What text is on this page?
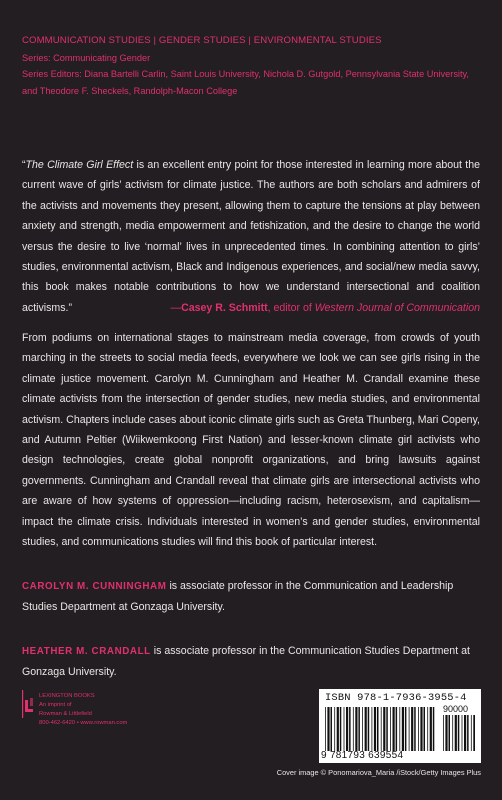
COMMUNICATION STUDIES | GENDER STUDIES | ENVIRONMENTAL STUDIES
Series: Communicating Gender
Series Editors: Diana Bartelli Carlin, Saint Louis University, Nichola D. Gutgold, Pennsylvania State University,
and Theodore F. Sheckels, Randolph-Macon College
“The Climate Girl Effect is an excellent entry point for those interested in learning more about the current wave of girls’ activism for climate justice. The authors are both scholars and admirers of the activists and movements they present, allowing them to capture the tensions at play between anxiety and strength, media empowerment and fetishization, and the desire to change the world versus the desire to live ‘normal’ lives in unprecedented times. In combining attention to girls’ studies, environmental activism, Black and Indigenous experiences, and social/new media savvy, this book makes notable contributions to how we understand intersectional and coalition activisms.”	—Casey R. Schmitt, editor of Western Journal of Communication
From podiums on international stages to mainstream media coverage, from crowds of youth marching in the streets to social media feeds, everywhere we look we can see girls rising in the climate justice movement. Carolyn M. Cunningham and Heather M. Crandall examine these climate activists from the intersection of gender studies, new media studies, and environmental activism. Chapters include cases about iconic climate girls such as Greta Thunberg, Mari Copeny, and Autumn Peltier (Wiikwemkoong First Nation) and lesser-known climate girl activists who design technologies, create global nonprofit organizations, and bring lawsuits against governments. Cunningham and Crandall reveal that climate girls are intersectional activists who are aware of how systems of oppression—including racism, heterosexism, and capitalism—impact the climate crisis. Individuals interested in women’s and gender studies, environmental studies, and communications studies will find this book of particular interest.
CAROLYN M. CUNNINGHAM is associate professor in the Communication and Leadership Studies Department at Gonzaga University.
HEATHER M. CRANDALL is associate professor in the Communication Studies Department at Gonzaga University.
LEXINGTON BOOKS
An imprint of
Rowman & Littlefield
800-462-6420 • www.rowman.com
ISBN 978-1-7936-3955-4
90000
9 781793 639554
Cover image © Ponomariova_Maria /iStock/Getty Images Plus
